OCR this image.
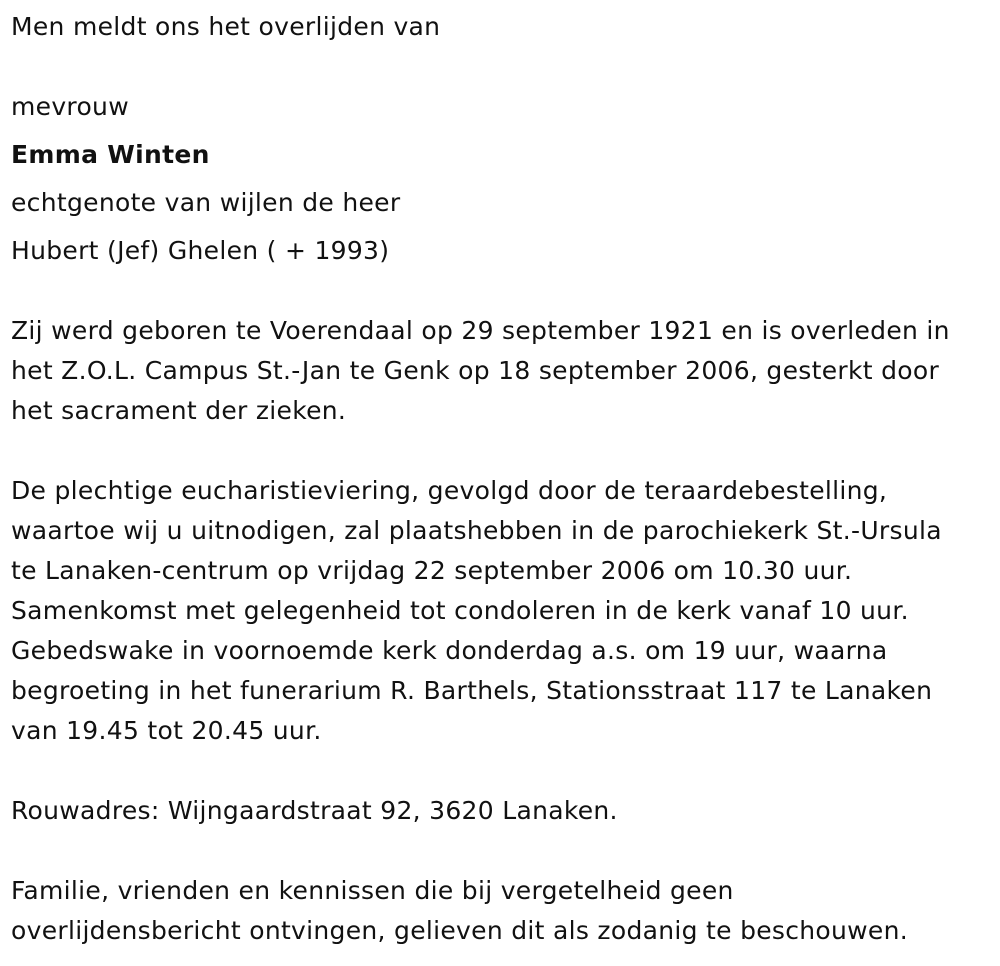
Men meldt ons het overlijden van

mevrouw

Emma Winten

echtgenote van wijlen de heer

Hubert (Jef) Ghelen ( + 1993)

Zij werd geboren te Voerendaal op 29 september 1921 en is overleden in

het Z.O.L. Campus St.-Jan te Genk op 18 september 2006, gesterkt door

het sacrament der zieken.

De plechtige eucharistieviering, gevolgd door de teraardebestelling,

waartoe wij u uitnodigen, zal plaatshebben in de parochiekerk St.-Ursula

te Lanaken-centrum op vrijdag 22 september 2006 om 10.30 uur.

Samenkomst met gelegenheid tot condoleren in de kerk vanaf 10 uur.

Gebedswake in voornoemde kerk donderdag a.s. om 19 uur, waarna

begroeting in het funerarium R. Barthels, Stationsstraat 117 te Lanaken

van 19.45 tot 20.45 uur.

Rouwadres: Wijngaardstraat 92, 3620 Lanaken.

Familie, vrienden en kennissen die bij vergetelheid geen

overlijdensbericht ontvingen, gelieven dit als zodanig te beschouwen.
